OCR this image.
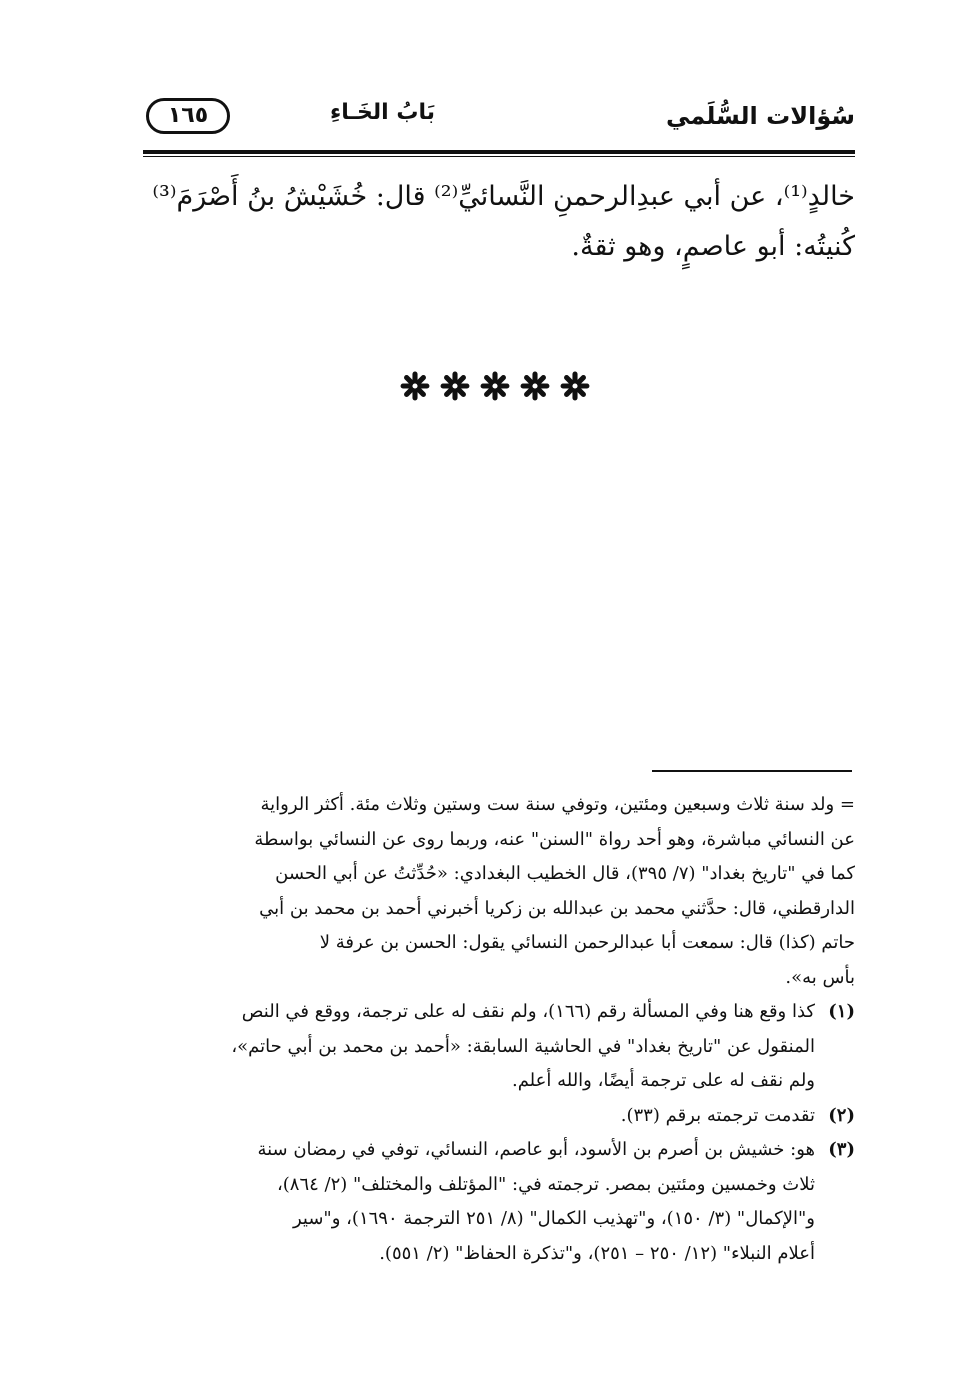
سُؤالات السُّلَمي
بَابُ الخَـاءِ
١٦٥

خالدٍ⁽¹⁾، عن أبي عبدِالرحمنِ النَّسائيِّ⁽²⁾ قال: خُشَيْشُ بنُ أَصْرَمَ⁽³⁾

كُنيتُه: أبو عاصمٍ، وهو ثقةٌ.

= ولد سنة ثلاث وسبعين ومئتين، وتوفي سنة ست وستين وثلاث مئة. أكثر الرواية
عن النسائي مباشرة، وهو أحد رواة "السنن" عنه، وربما روى عن النسائي بواسطة
كما في "تاريخ بغداد" (٧/ ٣٩٥)، قال الخطيب البغدادي: «حُدِّثتُ عن أبي الحسن
الدارقطني، قال: حدَّثني محمد بن عبدالله بن زكريا أخبرني أحمد بن محمد بن أبي
حاتم (كذا) قال: سمعت أبا عبدالرحمن النسائي يقول: الحسن بن عرفة لا
بأس به».
(١)
كذا وقع هنا وفي المسألة رقم (١٦٦)، ولم نقف له على ترجمة، ووقع في النص
المنقول عن "تاريخ بغداد" في الحاشية السابقة: «أحمد بن محمد بن أبي حاتم»،
ولم نقف له على ترجمة أيضًا، والله أعلم.
(٢)
تقدمت ترجمته برقم (٣٣).
(٣)
هو: خشيش بن أصرم بن الأسود، أبو عاصم، النسائي، توفي في رمضان سنة
ثلاث وخمسين ومئتين بمصر. ترجمته في: "المؤتلف والمختلف" (٢/ ٨٦٤)،
و"الإكمال" (٣/ ١٥٠)، و"تهذيب الكمال" (٨/ ٢٥١ الترجمة ١٦٩٠)، و"سير
أعلام النبلاء" (١٢/ ٢٥٠ – ٢٥١)، و"تذكرة الحفاظ" (٢/ ٥٥١).
